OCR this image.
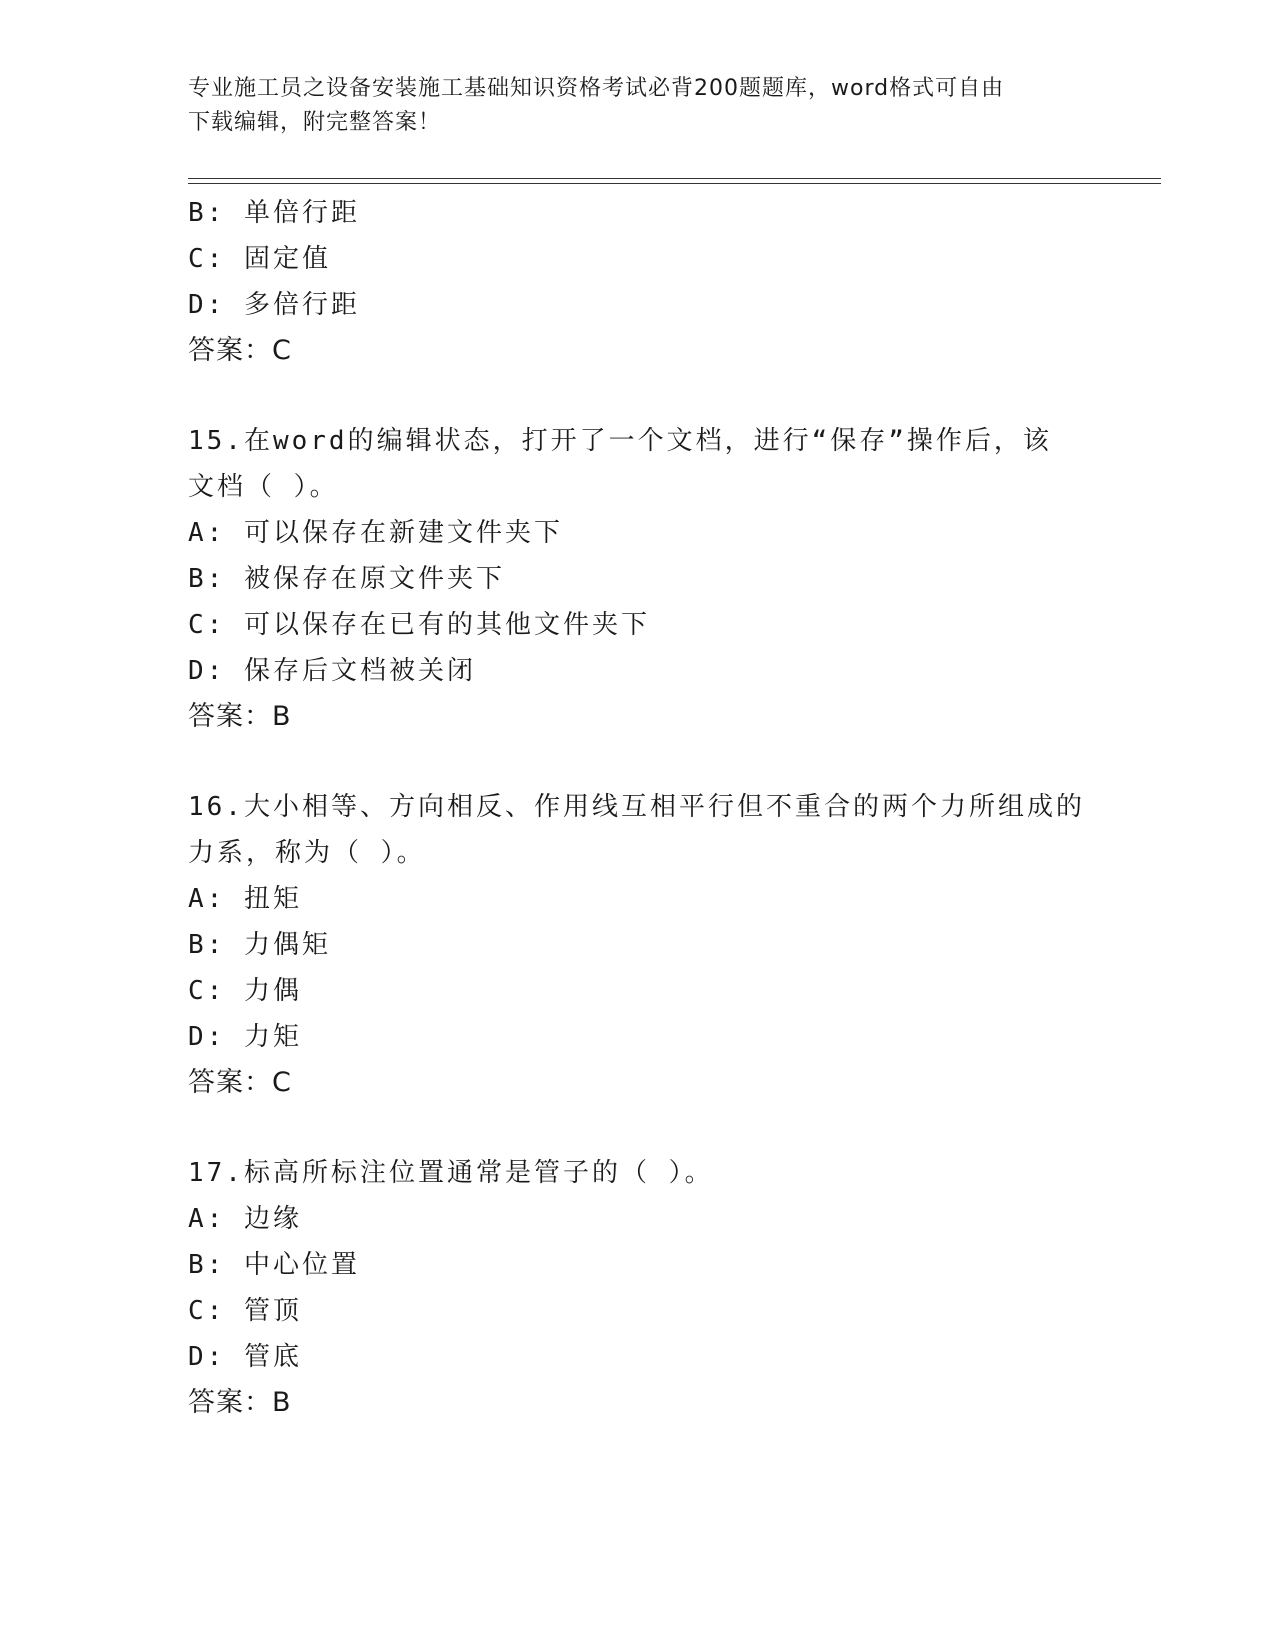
专业施工员之设备安装施工基础知识资格考试必背200题题库，word格式可自由
下载编辑，附完整答案！
B: 单倍行距
C: 固定值
D: 多倍行距
答案：C
15.在word的编辑状态，打开了一个文档，进行“保存”操作后，该
文档（ ）。
A: 可以保存在新建文件夹下
B: 被保存在原文件夹下
C: 可以保存在已有的其他文件夹下
D: 保存后文档被关闭
答案：B
16.大小相等、方向相反、作用线互相平行但不重合的两个力所组成的
力系，称为（ ）。
A: 扭矩
B: 力偶矩
C: 力偶
D: 力矩
答案：C
17.标高所标注位置通常是管子的（ ）。
A: 边缘
B: 中心位置
C: 管顶
D: 管底
答案：B
